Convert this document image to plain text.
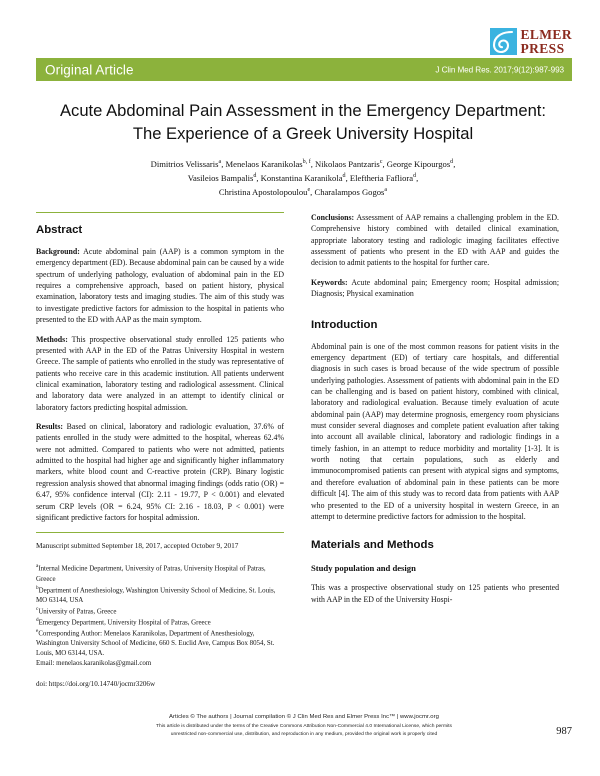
ELMER
PRESS
Original Article	J Clin Med Res. 2017;9(12):987-993
Acute Abdominal Pain Assessment in the Emergency Department: The Experience of a Greek University Hospital
Dimitrios Velissaris$^a$, Menelaos Karanikolas$^{b, f}$, Nikolaos Pantzaris$^c$, George Kipourgos$^d$,
Vasileios Bampalis$^d$, Konstantina Karanikola$^d$, Eleftheria Fafliora$^d$,
Christina Apostolopoulou$^e$, Charalampos Gogos$^a$
Abstract

Background: Acute abdominal pain (AAP) is a common symptom in the emergency department (ED). Because abdominal pain can be caused by a wide spectrum of underlying pathology, evaluation of abdominal pain in the ED requires a comprehensive approach, based on patient history, physical examination, laboratory tests and imaging studies. The aim of this study was to investigate predictive factors for admission to the hospital in patients who presented to the ED with AAP as the main symptom.

Methods: This prospective observational study enrolled 125 patients who presented with AAP in the ED of the Patras University Hospital in western Greece. The sample of patients who enrolled in the study was representative of patients who receive care in this academic institution. All patients underwent clinical examination, laboratory testing and radiological assessment. Clinical and laboratory data were analyzed in an attempt to identify clinical or laboratory factors predicting hospital admission.

Results: Based on clinical, laboratory and radiologic evaluation, 37.6% of patients enrolled in the study were admitted to the hospital, whereas 62.4% were not admitted. Compared to patients who were not admitted, patients admitted to the hospital had higher age and significantly higher inflammatory markers, white blood count and C-reactive protein (CRP). Binary logistic regression analysis showed that abnormal imaging findings (odds ratio (OR) = 6.47, 95% confidence interval (CI): 2.11 - 19.77, P < 0.001) and elevated serum CRP levels (OR = 6.24, 95% CI: 2.16 - 18.03, P < 0.001) were significant predictive factors for hospital admission.

Manuscript submitted September 18, 2017, accepted October 9, 2017

$^a$Internal Medicine Department, University of Patras, University Hospital of Patras, Greece
$^b$Department of Anesthesiology, Washington University School of Medicine, St. Louis, MO 63144, USA
$^c$University of Patras, Greece
$^d$Emergency Department, University Hospital of Patras, Greece
$^e$Corresponding Author: Menelaos Karanikolas, Department of Anesthesiology, Washington University School of Medicine, 660 S. Euclid Ave, Campus Box 8054, St. Louis, MO 63144, USA.
Email: menelaos.karanikolas@gmail.com

doi: https://doi.org/10.14740/jocmr3206w

Conclusions: Assessment of AAP remains a challenging problem in the ED. Comprehensive history combined with detailed clinical examination, appropriate laboratory testing and radiologic imaging facilitates effective assessment of patients who present in the ED with AAP and guides the decision to admit patients to the hospital for further care.

Keywords: Acute abdominal pain; Emergency room; Hospital admission; Diagnosis; Physical examination

Introduction

Abdominal pain is one of the most common reasons for patient visits in the emergency department (ED) of tertiary care hospitals, and differential diagnosis in such cases is broad because of the wide spectrum of possible underlying pathologies. Assessment of patients with abdominal pain in the ED can be challenging and is based on patient history, combined with clinical, laboratory and radiological evaluation. Because timely evaluation of acute abdominal pain (AAP) may determine prognosis, emergency room physicians must consider several diagnoses and complete patient evaluation after taking into account all available clinical, laboratory and radiologic findings in a timely fashion, in an attempt to reduce morbidity and mortality [1-3]. It is worth noting that certain populations, such as elderly and immunocompromised patients can present with atypical signs and symptoms, and therefore evaluation of abdominal pain in these patients can be more difficult [4]. The aim of this study was to record data from patients with AAP who presented to the ED of a university hospital in western Greece, in an attempt to determine predictive factors for admission to the hospital.

Materials and Methods
Study population and design

This was a prospective observational study on 125 patients who presented with AAP in the ED of the University Hospi-

Articles © The authors | Journal compilation © J Clin Med Res and Elmer Press Inc™ | www.jocmr.org
This article is distributed under the terms of the Creative Commons Attribution Non-Commercial 4.0 International License, which permits
unrestricted non-commercial use, distribution, and reproduction in any medium, provided the original work is properly cited	987
